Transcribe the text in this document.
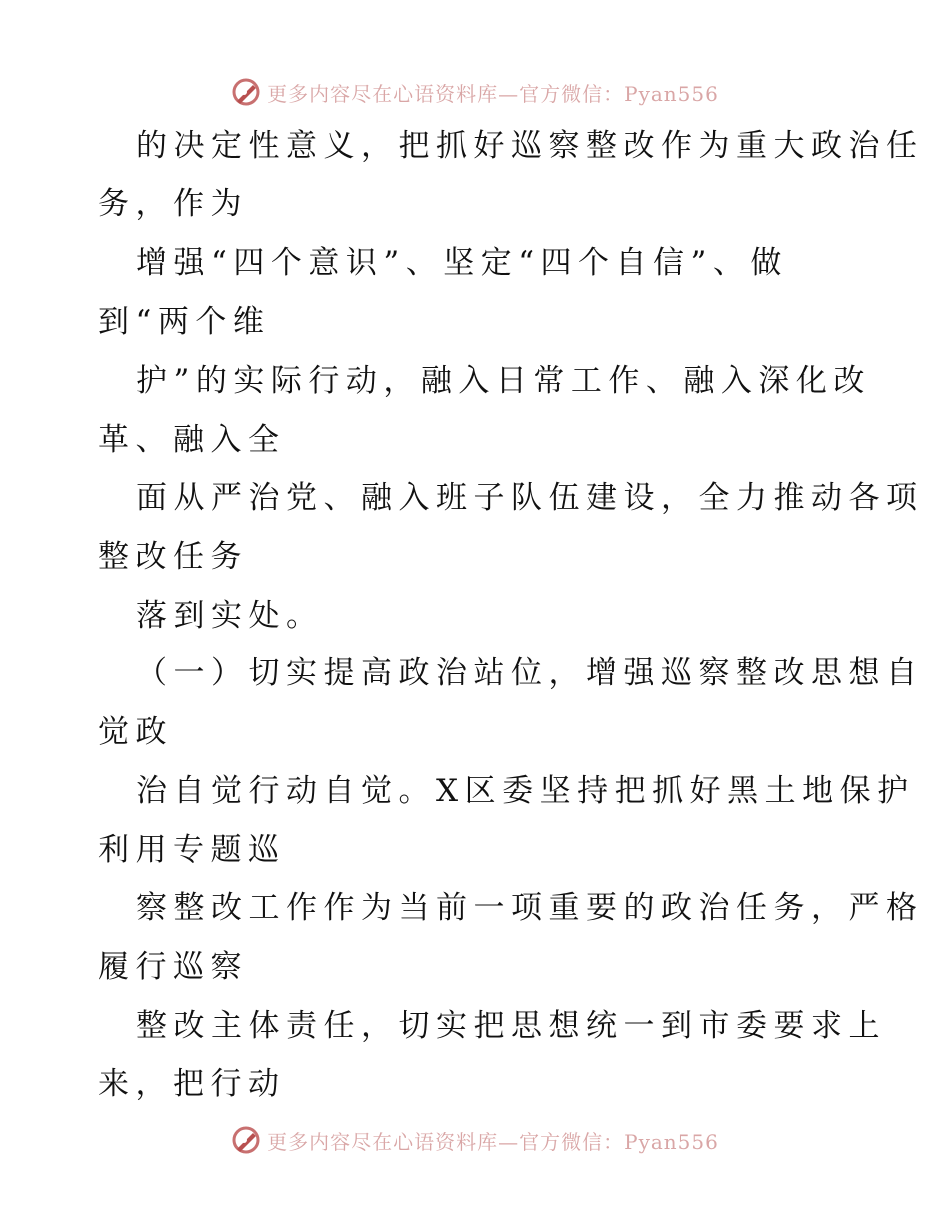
更多内容尽在心语资料库—官方微信：Pyan556
的决定性意义，把抓好巡察整改作为重大政治任
务，作为
增强“四个意识”、坚定“四个自信”、做
到“两个维
护”的实际行动，融入日常工作、融入深化改
革、融入全
面从严治党、融入班子队伍建设，全力推动各项
整改任务
落到实处。
（一）切实提高政治站位，增强巡察整改思想自
觉政
治自觉行动自觉。X区委坚持把抓好黑土地保护
利用专题巡
察整改工作作为当前一项重要的政治任务，严格
履行巡察
整改主体责任，切实把思想统一到市委要求上
来，把行动
更多内容尽在心语资料库—官方微信：Pyan556
